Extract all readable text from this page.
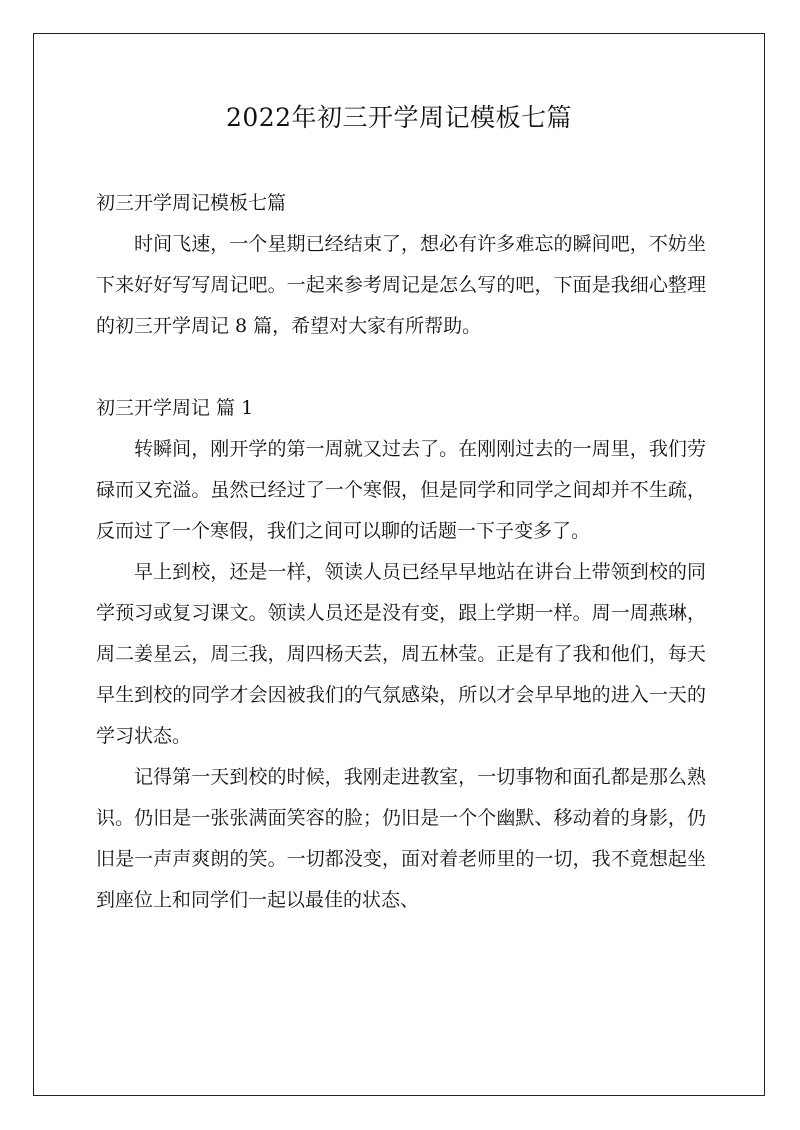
2022年初三开学周记模板七篇

初三开学周记模板七篇

时间飞速，一个星期已经结束了，想必有许多难忘的瞬间吧，不妨坐下来好好写写周记吧。一起来参考周记是怎么写的吧，下面是我细心整理的初三开学周记 8 篇，希望对大家有所帮助。

初三开学周记 篇 1

转瞬间，刚开学的第一周就又过去了。在刚刚过去的一周里，我们劳碌而又充溢。虽然已经过了一个寒假，但是同学和同学之间却并不生疏，反而过了一个寒假，我们之间可以聊的话题一下子变多了。

早上到校，还是一样，领读人员已经早早地站在讲台上带领到校的同学预习或复习课文。领读人员还是没有变，跟上学期一样。周一周燕琳，周二姜星云，周三我，周四杨天芸，周五林莹。正是有了我和他们，每天早生到校的同学才会因被我们的气氛感染，所以才会早早地的进入一天的学习状态。

记得第一天到校的时候，我刚走进教室，一切事物和面孔都是那么熟识。仍旧是一张张满面笑容的脸；仍旧是一个个幽默、移动着的身影，仍旧是一声声爽朗的笑。一切都没变，面对着老师里的一切，我不竟想起坐到座位上和同学们一起以最佳的状态、
